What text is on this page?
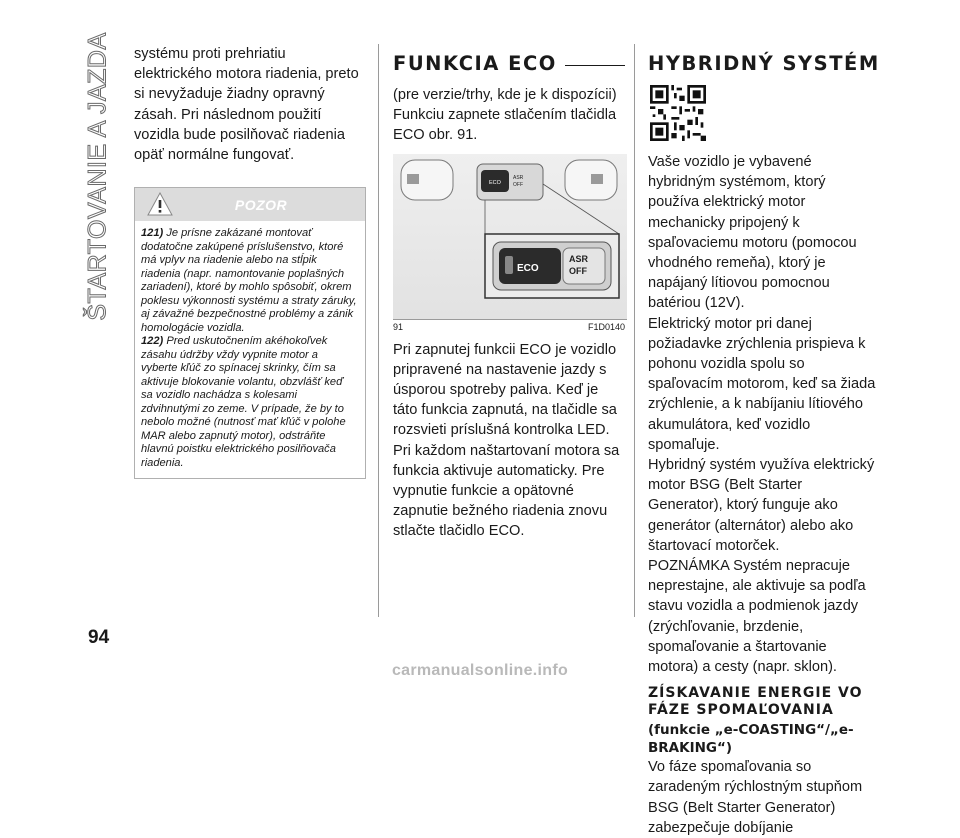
ŠTARTOVANIE A JAZDA systému proti prehriatiu elektrického motora riadenia, preto si nevyžaduje žiadny opravný zásah. Pri následnom použití vozidla bude posilňovač riadenia opäť normálne fungovať.

POZOR

121) Je prísne zakázané montovať dodatočne zakúpené príslušenstvo, ktoré má vplyv na riadenie alebo na stĺpik riadenia (napr. namontovanie poplašných zariadení), ktoré by mohlo spôsobiť, okrem poklesu výkonnosti systému a straty záruky, aj závažné bezpečnostné problémy a zánik homologácie vozidla.

122) Pred uskutočnením akéhokoľvek zásahu údržby vždy vypnite motor a vyberte kľúč zo spínacej skrinky, čím sa aktivuje blokovanie volantu, obzvlášť keď sa vozidlo nachádza s kolesami zdvihnutými zo zeme. V prípade, že by to nebolo možné (nutnosť mať kľúč v polohe MAR alebo zapnutý motor), odstráňte hlavnú poistku elektrického posilňovača riadenia.

FUNKCIA ECO

(pre verzie/trhy, kde je k dispozícii)

Funkciu zapnete stlačením tlačidla ECO obr. 91.

ECO
ASR
OFF
ECO
ASR
OFF
91	F1D0140

Pri zapnutej funkcii ECO je vozidlo pripravené na nastavenie jazdy s úsporou spotreby paliva. Keď je táto funkcia zapnutá, na tlačidle sa rozsvieti príslušná kontrolka LED.

Pri každom naštartovaní motora sa funkcia aktivuje automaticky. Pre vypnutie funkcie a opätovné zapnutie bežného riadenia znovu stlačte tlačidlo ECO.

HYBRIDNÝ SYSTÉM

Vaše vozidlo je vybavené hybridným systémom, ktorý používa elektrický motor mechanicky pripojený k spaľovaciemu motoru (pomocou vhodného remeňa), ktorý je napájaný lítiovou pomocnou batériou (12V).

Elektrický motor pri danej požiadavke zrýchlenia prispieva k pohonu vozidla spolu so spaľovacím motorom, keď sa žiada zrýchlenie, a k nabíjaniu lítiového akumulátora, keď vozidlo spomaľuje.

Hybridný systém využíva elektrický motor BSG (Belt Starter Generator), ktorý funguje ako generátor (alternátor) alebo ako štartovací motorček.

POZNÁMKA Systém nepracuje neprestajne, ale aktivuje sa podľa stavu vozidla a podmienok jazdy (zrýchľovanie, brzdenie, spomaľovanie a štartovanie motora) a cesty (napr. sklon).

ZÍSKAVANIE ENERGIE VO FÁZE SPOMAĽOVANIA
(funkcie „e-COASTING“/„e-BRAKING“)

Vo fáze spomaľovania so zaradeným rýchlostným stupňom BSG (Belt Starter Generator) zabezpečuje dobíjanie

94
carmanualsonline.info
